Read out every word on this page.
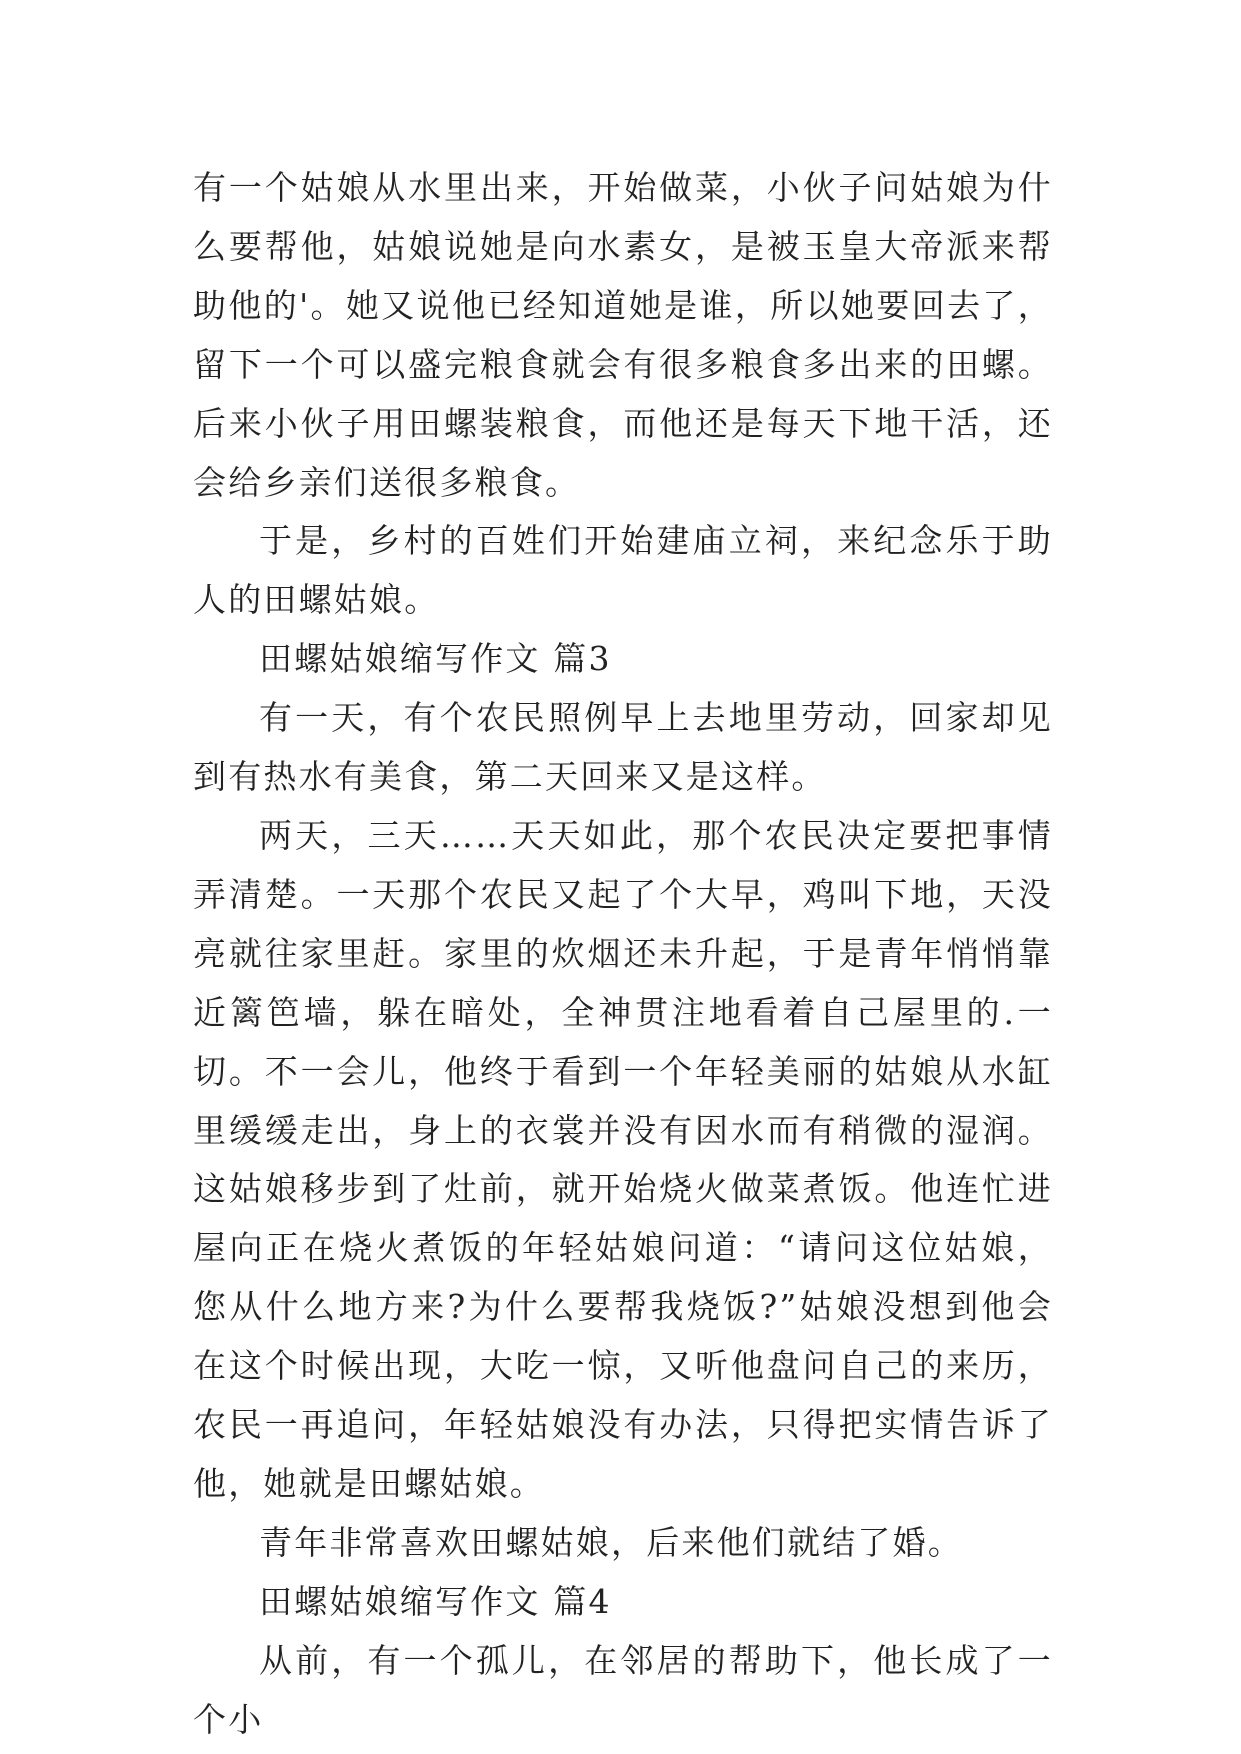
有一个姑娘从水里出来，开始做菜，小伙子问姑娘为什么要帮他，姑娘说她是向水素女，是被玉皇大帝派来帮助他的'。她又说他已经知道她是谁，所以她要回去了，留下一个可以盛完粮食就会有很多粮食多出来的田螺。后来小伙子用田螺装粮食，而他还是每天下地干活，还会给乡亲们送很多粮食。

于是，乡村的百姓们开始建庙立祠，来纪念乐于助人的田螺姑娘。

田螺姑娘缩写作文 篇3

有一天，有个农民照例早上去地里劳动，回家却见到有热水有美食，第二天回来又是这样。

两天，三天……天天如此，那个农民决定要把事情弄清楚。一天那个农民又起了个大早，鸡叫下地，天没亮就往家里赶。家里的炊烟还未升起，于是青年悄悄靠近篱笆墙，躲在暗处，全神贯注地看着自己屋里的.一切。不一会儿，他终于看到一个年轻美丽的姑娘从水缸里缓缓走出，身上的衣裳并没有因水而有稍微的湿润。这姑娘移步到了灶前，就开始烧火做菜煮饭。他连忙进屋向正在烧火煮饭的年轻姑娘问道：“请问这位姑娘，您从什么地方来?为什么要帮我烧饭?”姑娘没想到他会在这个时候出现，大吃一惊，又听他盘问自己的来历，农民一再追问，年轻姑娘没有办法，只得把实情告诉了他，她就是田螺姑娘。

青年非常喜欢田螺姑娘，后来他们就结了婚。

田螺姑娘缩写作文 篇4

从前，有一个孤儿，在邻居的帮助下，他长成了一个小
